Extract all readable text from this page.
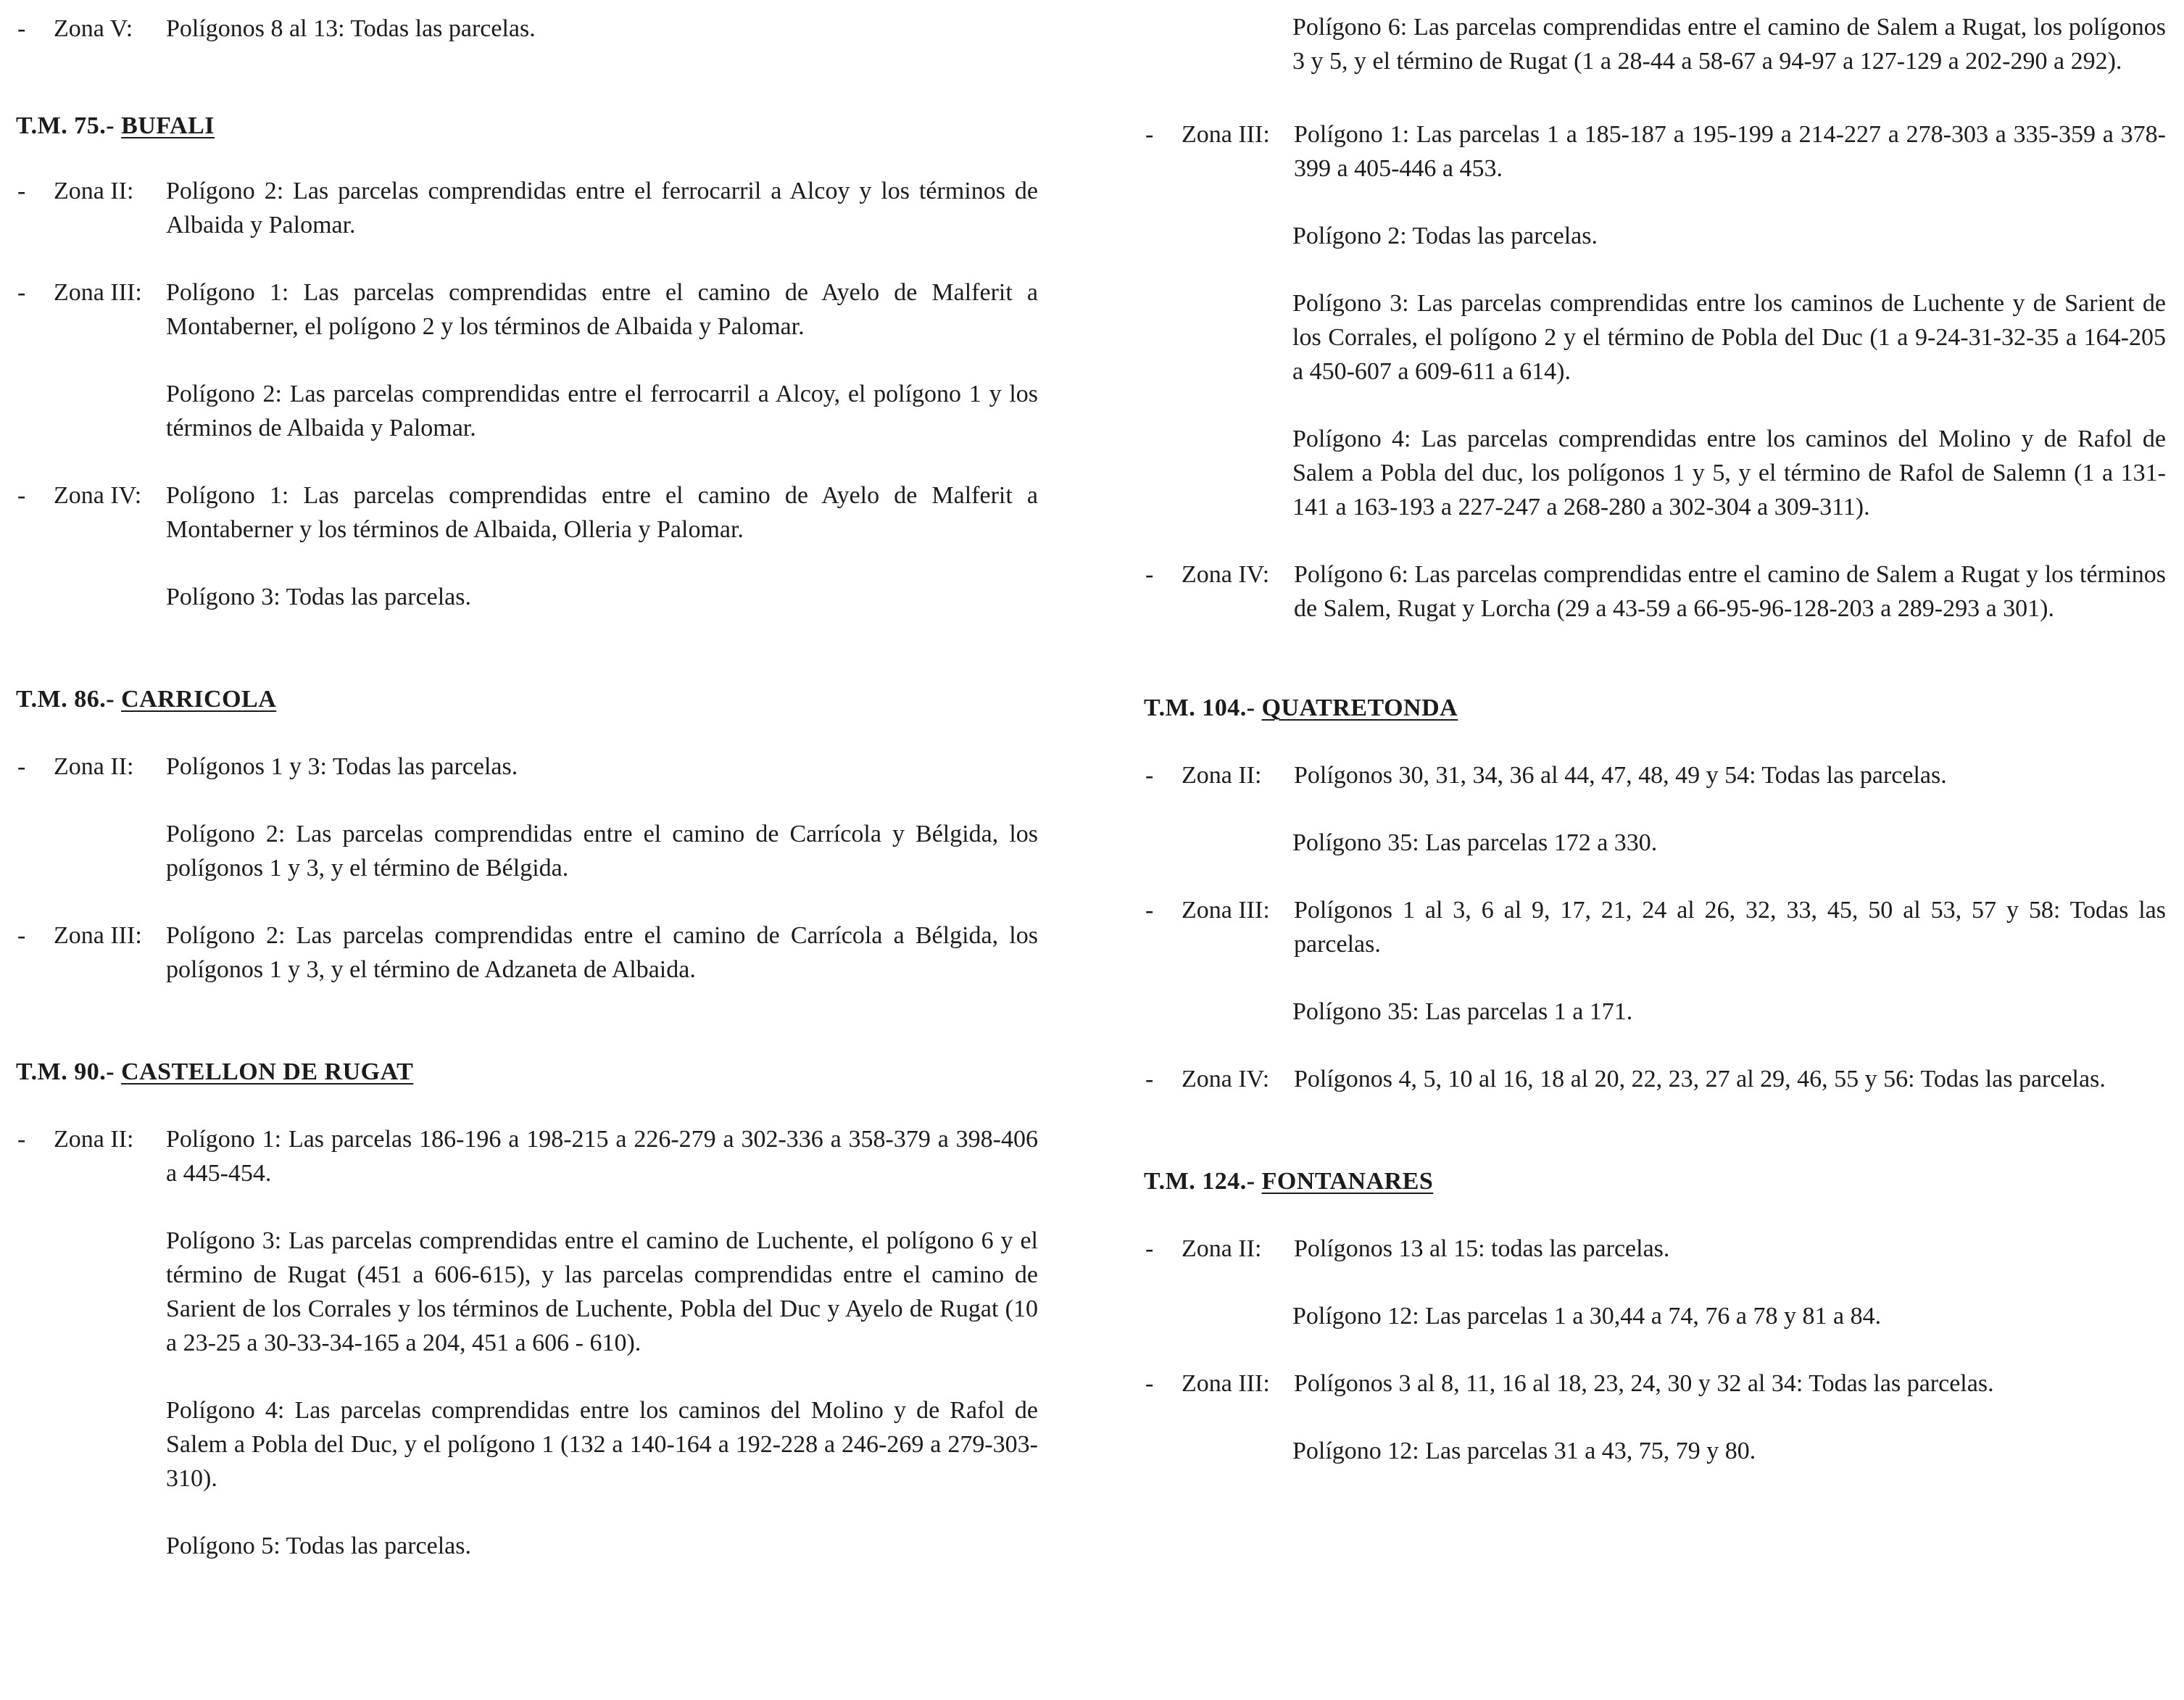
-	Zona V:	Polígonos 8 al 13: Todas las parcelas.
T.M. 75.- BUFALI
-	Zona II:	Polígono 2: Las parcelas comprendidas entre el ferrocarril a Alcoy y los términos de Albaida y Palomar.
-	Zona III: Polígono 1: Las parcelas comprendidas entre el camino de Ayelo de Malferit a Montaberner, el polígono 2 y los términos de Albaida y Palomar.
Polígono 2: Las parcelas comprendidas entre el ferrocarril a Alcoy, el polígono 1 y los términos de Albaida y Palomar.
-	Zona IV: Polígono 1: Las parcelas comprendidas entre el camino de Ayelo de Malferit a Montaberner y los términos de Albaida, Olleria y Palomar.
Polígono 3: Todas las parcelas.
T.M. 86.- CARRICOLA
-	Zona II:	Polígonos 1 y 3: Todas las parcelas.
Polígono 2: Las parcelas comprendidas entre el camino de Carrícola y Bélgida, los polígonos 1 y 3, y el término de Bélgida.
-	Zona III: Polígono 2: Las parcelas comprendidas entre el camino de Carrícola a Bélgida, los polígonos 1 y 3, y el término de Adzaneta de Albaida.
T.M. 90.- CASTELLON DE RUGAT
-	Zona II:	Polígono 1: Las parcelas 186-196 a 198-215 a 226-279 a 302-336 a 358-379 a 398-406 a 445-454.
Polígono 3: Las parcelas comprendidas entre el camino de Luchente, el polígono 6 y el término de Rugat (451 a 606-615), y las parcelas comprendidas entre el camino de Sarient de los Corrales y los términos de Luchente, Pobla del Duc y Ayelo de Rugat (10 a 23-25 a 30-33-34-165 a 204, 451 a 606 - 610).
Polígono 4: Las parcelas comprendidas entre los caminos del Molino y de Rafol de Salem a Pobla del Duc, y el polígono 1 (132 a 140-164 a 192-228 a 246-269 a 279-303-310).
Polígono 5: Todas las parcelas.
Polígono 6: Las parcelas comprendidas entre el camino de Salem a Rugat, los polígonos 3 y 5, y el término de Rugat (1 a 28-44 a 58-67 a 94-97 a 127-129 a 202-290 a 292).
-	Zona III: Polígono 1: Las parcelas 1 a 185-187 a 195-199 a 214-227 a 278-303 a 335-359 a 378-399 a 405-446 a 453.
Polígono 2: Todas las parcelas.
Polígono 3: Las parcelas comprendidas entre los caminos de Luchente y de Sarient de los Corrales, el polígono 2 y el término de Pobla del Duc (1 a 9-24-31-32-35 a 164-205 a 450-607 a 609-611 a 614).
Polígono 4: Las parcelas comprendidas entre los caminos del Molino y de Rafol de Salem a Pobla del duc, los polígonos 1 y 5, y el término de Rafol de Salemn (1 a 131-141 a 163-193 a 227-247 a 268-280 a 302-304 a 309-311).
-	Zona IV: Polígono 6: Las parcelas comprendidas entre el camino de Salem a Rugat y los términos de Salem, Rugat y Lorcha (29 a 43-59 a 66-95-96-128-203 a 289-293 a 301).
T.M. 104.- QUATRETONDA
-	Zona II:	Polígonos 30, 31, 34, 36 al 44, 47, 48, 49 y 54: Todas las parcelas.
Polígono 35: Las parcelas 172 a 330.
-	Zona III: Polígonos 1 al 3, 6 al 9, 17, 21, 24 al 26, 32, 33, 45, 50 al 53, 57 y 58: Todas las parcelas.
Polígono 35: Las parcelas 1 a 171.
-	Zona IV: Polígonos 4, 5, 10 al 16, 18 al 20, 22, 23, 27 al 29, 46, 55 y 56: Todas las parcelas.
T.M. 124.- FONTANARES
-	Zona II:	Polígonos 13 al 15: todas las parcelas.
Polígono 12: Las parcelas 1 a 30,44 a 74, 76 a 78 y 81 a 84.
-	Zona III: Polígonos 3 al 8, 11, 16 al 18, 23, 24, 30 y 32 al 34: Todas las parcelas.
Polígono 12: Las parcelas 31 a 43, 75, 79 y 80.
